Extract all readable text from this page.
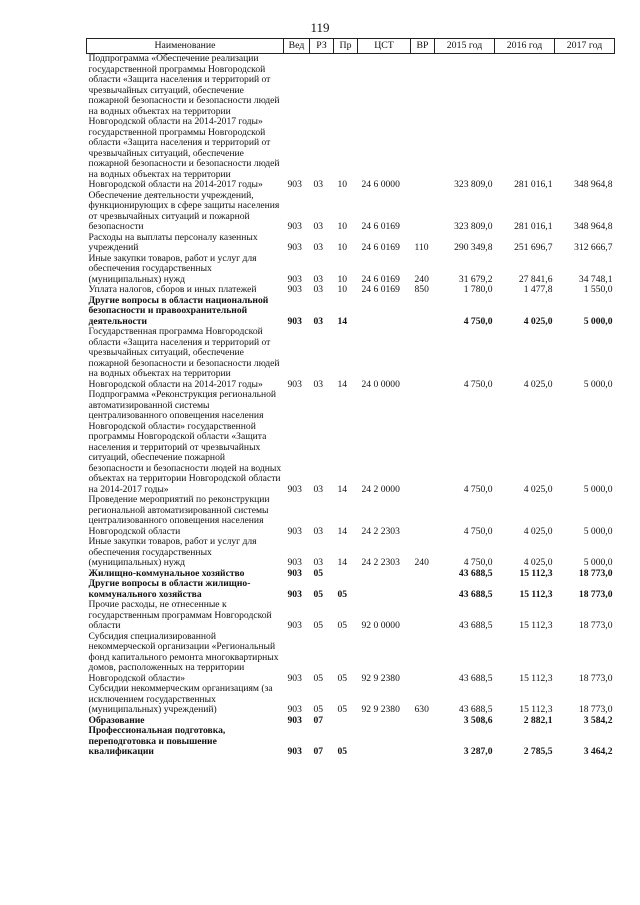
119
Наименование	Вед	РЗ	Пр	ЦСТ	ВР	2015 год	2016 год	2017 год
Подпрограмма «Обеспечение реализации государственной программы Новгородской области «Защита населения и территорий от чрезвычайных ситуаций, обеспечение пожарной безопасности и безопасности людей на водных объектах на территории Новгородской области на 2014-2017 годы» государственной программы Новгородской области «Защита населения и территорий от чрезвычайных ситуаций, обеспечение пожарной безопасности и безопасности людей на водных объектах на территории Новгородской области на 2014-2017 годы»	903	03	10	24 6 0000		323 809,0	281 016,1	348 964,8
Обеспечение деятельности учреждений, функционирующих в сфере защиты населения от чрезвычайных ситуаций и пожарной безопасности	903	03	10	24 6 0169		323 809,0	281 016,1	348 964,8
Расходы на выплаты персоналу казенных учреждений	903	03	10	24 6 0169	110	290 349,8	251 696,7	312 666,7
Иные закупки товаров, работ и услуг для обеспечения государственных (муниципальных) нужд	903	03	10	24 6 0169	240	31 679,2	27 841,6	34 748,1
Уплата налогов, сборов и иных платежей	903	03	10	24 6 0169	850	1 780,0	1 477,8	1 550,0
Другие вопросы в области национальной безопасности и правоохранительной деятельности	903	03	14			4 750,0	4 025,0	5 000,0
Государственная программа Новгородской области «Защита населения и территорий от чрезвычайных ситуаций, обеспечение пожарной безопасности и безопасности людей на водных объектах на территории Новгородской области на 2014-2017 годы»	903	03	14	24 0 0000		4 750,0	4 025,0	5 000,0
Подпрограмма «Реконструкция региональной автоматизированной системы централизованного оповещения населения Новгородской области» государственной программы Новгородской области «Защита населения и территорий от чрезвычайных ситуаций, обеспечение пожарной безопасности и безопасности людей на водных объектах на территории Новгородской области на 2014-2017 годы»	903	03	14	24 2 0000		4 750,0	4 025,0	5 000,0
Проведение мероприятий по реконструкции региональной автоматизированной системы централизованного оповещения населения Новгородской области	903	03	14	24 2 2303		4 750,0	4 025,0	5 000,0
Иные закупки товаров, работ и услуг для обеспечения государственных (муниципальных) нужд	903	03	14	24 2 2303	240	4 750,0	4 025,0	5 000,0
Жилищно-коммунальное хозяйство	903	05				43 688,5	15 112,3	18 773,0
Другие вопросы в области жилищно-коммунального хозяйства	903	05	05			43 688,5	15 112,3	18 773,0
Прочие расходы, не отнесенные к государственным программам Новгородской области	903	05	05	92 0 0000		43 688,5	15 112,3	18 773,0
Субсидия специализированной некоммерческой организации «Региональный фонд капитального ремонта многоквартирных домов, расположенных на территории Новгородской области»	903	05	05	92 9 2380		43 688,5	15 112,3	18 773,0
Субсидии некоммерческим организациям (за исключением государственных (муниципальных) учреждений)	903	05	05	92 9 2380	630	43 688,5	15 112,3	18 773,0
Образование	903	07				3 508,6	2 882,1	3 584,2
Профессиональная подготовка, переподготовка и повышение квалификации	903	07	05			3 287,0	2 785,5	3 464,2
